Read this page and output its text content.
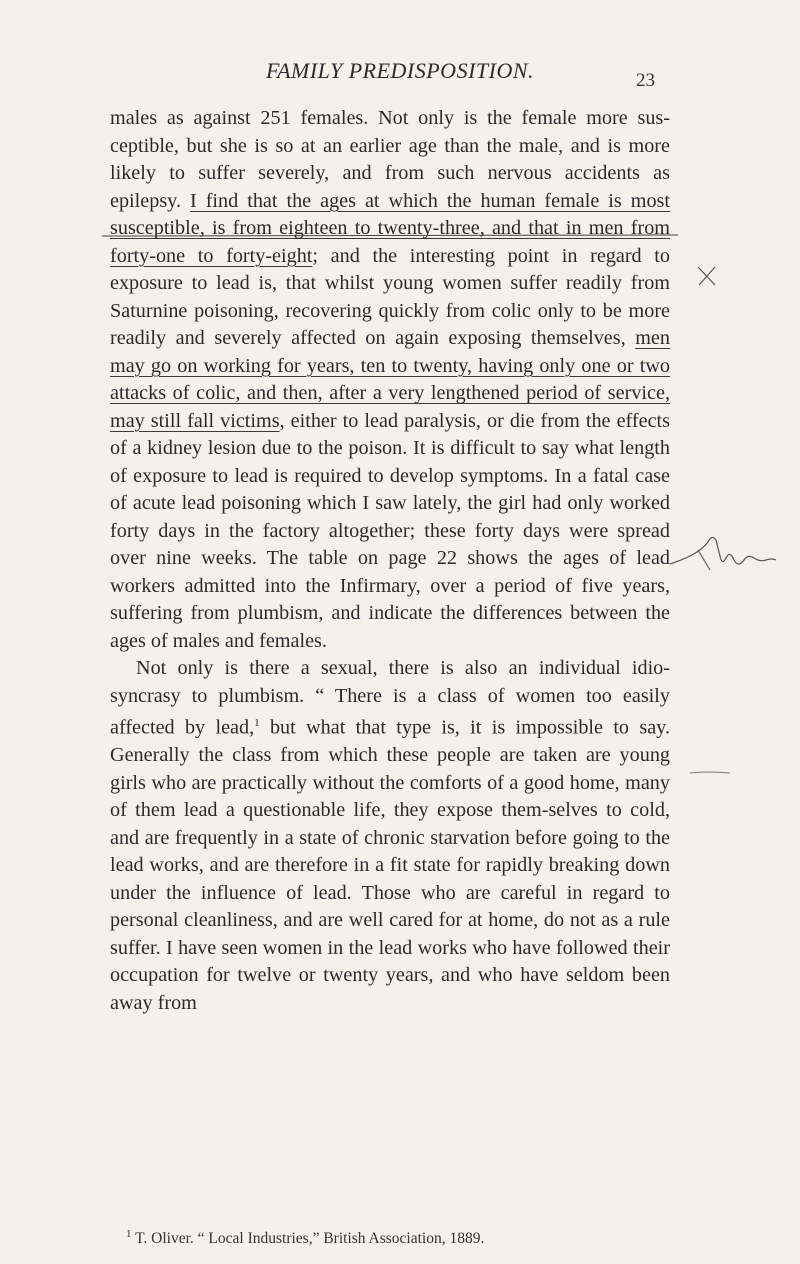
FAMILY PREDISPOSITION.	23

males as against 251 females. Not only is the female more sus-ceptible, but she is so at an earlier age than the male, and is more likely to suffer severely, and from such nervous accidents as epilepsy. I find that the ages at which the human female is most susceptible, is from eighteen to twenty-three, and that in men from forty-one to forty-eight; and the interesting point in regard to exposure to lead is, that whilst young women suffer readily from Saturnine poisoning, recovering quickly from colic only to be more readily and severely affected on again exposing themselves, men may go on working for years, ten to twenty, having only one or two attacks of colic, and then, after a very lengthened period of service, may still fall victims, either to lead paralysis, or die from the effects of a kidney lesion due to the poison. It is difficult to say what length of exposure to lead is required to develop symptoms. In a fatal case of acute lead poisoning which I saw lately, the girl had only worked forty days in the factory altogether; these forty days were spread over nine weeks. The table on page 22 shows the ages of lead workers admitted into the Infirmary, over a period of five years, suffering from plumbism, and indicate the differences between the ages of males and females.

Not only is there a sexual, there is also an individual idio-syncrasy to plumbism. “ There is a class of women too easily affected by lead,$^1$ but what that type is, it is impossible to say. Generally the class from which these people are taken are young girls who are practically without the comforts of a good home, many of them lead a questionable life, they expose them-selves to cold, and are frequently in a state of chronic starvation before going to the lead works, and are therefore in a fit state for rapidly breaking down under the influence of lead. Those who are careful in regard to personal cleanliness, and are well cared for at home, do not as a rule suffer. I have seen women in the lead works who have followed their occupation for twelve or twenty years, and who have seldom been away from

$^1$ T. Oliver. “ Local Industries,” British Association, 1889.
